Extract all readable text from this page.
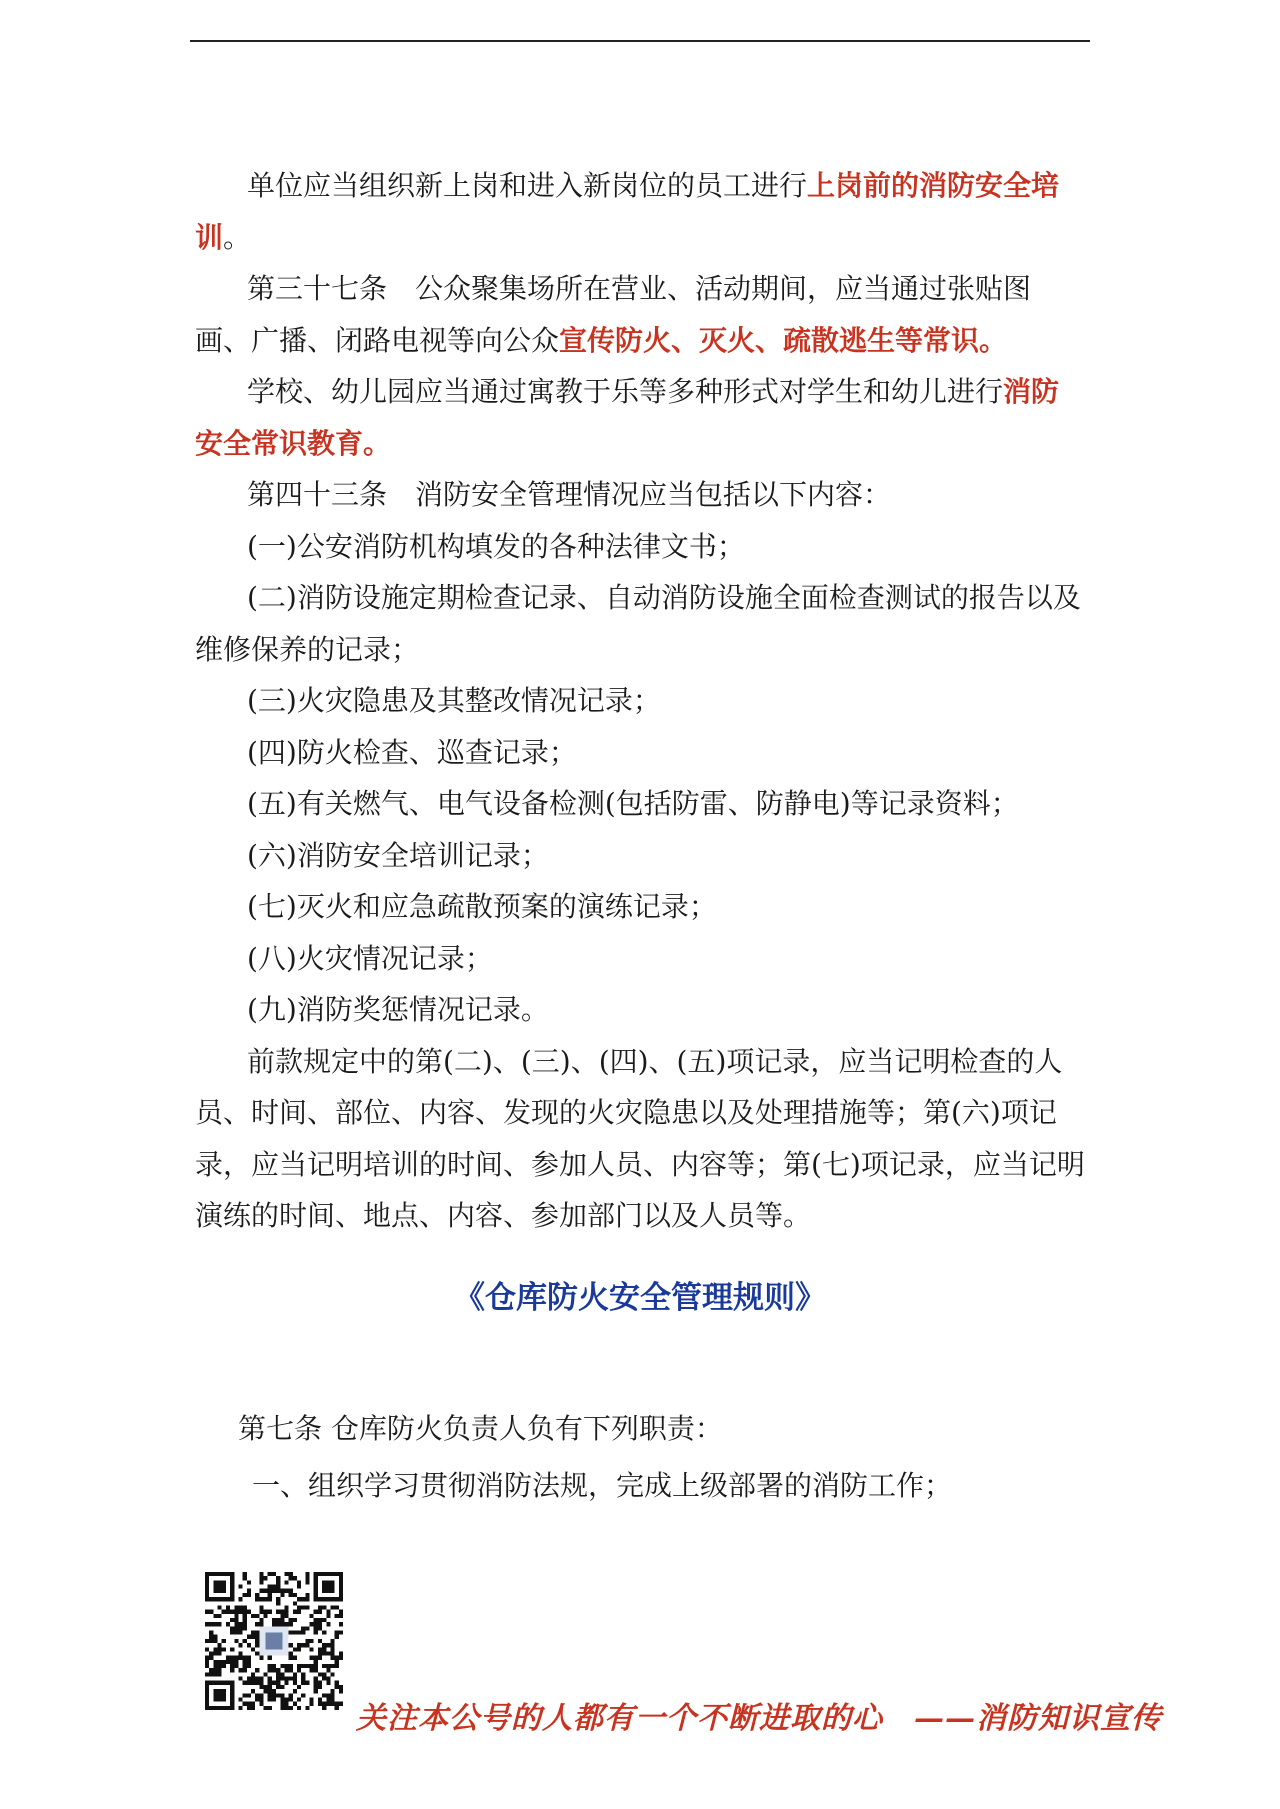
单位应当组织新上岗和进入新岗位的员工进行上岗前的消防安全培训。

第三十七条　公众聚集场所在营业、活动期间，应当通过张贴图画、广播、闭路电视等向公众宣传防火、灭火、疏散逃生等常识。

学校、幼儿园应当通过寓教于乐等多种形式对学生和幼儿进行消防安全常识教育。

第四十三条　消防安全管理情况应当包括以下内容：

(一)公安消防机构填发的各种法律文书；

(二)消防设施定期检查记录、自动消防设施全面检查测试的报告以及维修保养的记录；

(三)火灾隐患及其整改情况记录；

(四)防火检查、巡查记录；

(五)有关燃气、电气设备检测(包括防雷、防静电)等记录资料；

(六)消防安全培训记录；

(七)灭火和应急疏散预案的演练记录；

(八)火灾情况记录；

(九)消防奖惩情况记录。

前款规定中的第(二)、(三)、(四)、(五)项记录，应当记明检查的人员、时间、部位、内容、发现的火灾隐患以及处理措施等；第(六)项记录，应当记明培训的时间、参加人员、内容等；第(七)项记录，应当记明演练的时间、地点、内容、参加部门以及人员等。

《仓库防火安全管理规则》
第七条 仓库防火负责人负有下列职责：
一、组织学习贯彻消防法规，完成上级部署的消防工作；
关注本公号的人都有一个不断进取的心　——消防知识宣传
